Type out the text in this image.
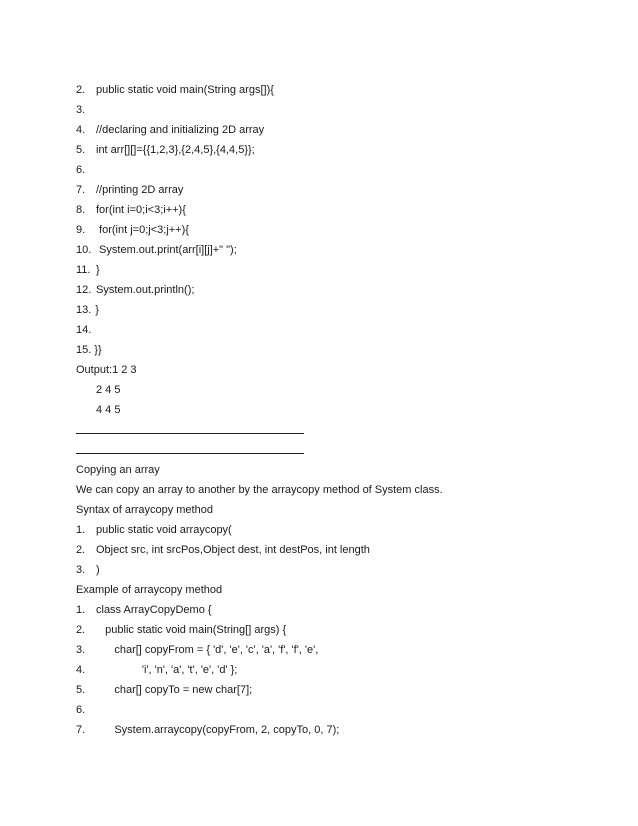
2. public static void main(String args[]){
3.
4. //declaring and initializing 2D array
5. int arr[][]={{1,2,3},{2,4,5},{4,4,5}};
6.
7. //printing 2D array
8. for(int i=0;i<3;i++){
9. for(int j=0;j<3;j++){
10. System.out.print(arr[i][j]+" ");
11. }
12. System.out.println();
13. }
14.
15. }}
Output:1 2 3
2 4 5
4 4 5
Copying an array
We can copy an array to another by the arraycopy method of System class.
Syntax of arraycopy method
1. public static void arraycopy(
2. Object src, int srcPos,Object dest, int destPos, int length
3. )
Example of arraycopy method
1. class ArrayCopyDemo {
2.   public static void main(String[] args) {
3.      char[] copyFrom = { 'd', 'e', 'c', 'a', 'f', 'f', 'e',
4.               'i', 'n', 'a', 't', 'e', 'd' };
5.      char[] copyTo = new char[7];
6.
7.      System.arraycopy(copyFrom, 2, copyTo, 0, 7);
